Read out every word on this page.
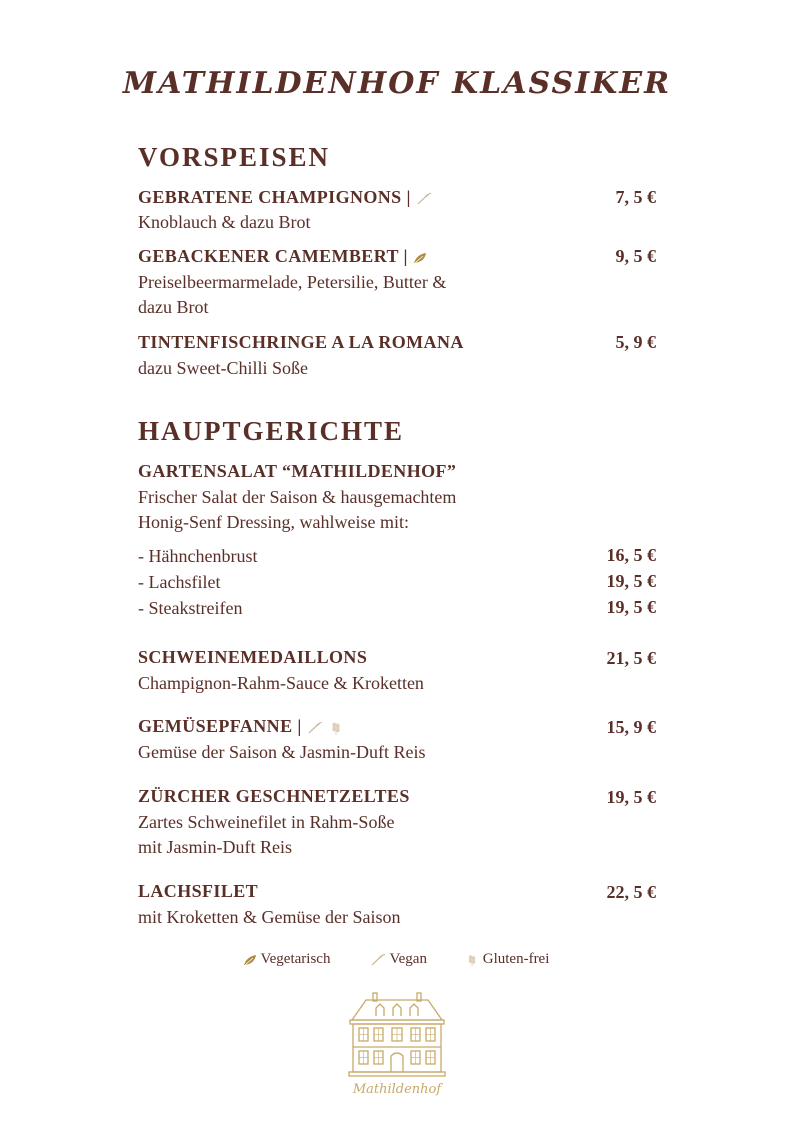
MATHILDENHOF KLASSIKER
VORSPEISEN
GEBRATENE CHAMPIGNONS |	7, 5 €
Knoblauch & dazu Brot
GEBACKENER CAMEMBERT |	9, 5 €
Preiselbeermarmelade, Petersilie, Butter &
dazu Brot
TINTENFISCHRINGE A LA ROMANA	5, 9 €
dazu Sweet-Chilli Soße
HAUPTGERICHTE
GARTENSALAT “MATHILDENHOF”
Frischer Salat der Saison & hausgemachtem
Honig-Senf Dressing, wahlweise mit:
- Hähnchenbrust	16, 5 €
- Lachsfilet	19, 5 €
- Steakstreifen	19, 5 €
SCHWEINEMEDAILLONS	21, 5 €
Champignon-Rahm-Sauce & Kroketten
GEMÜSEPFANNE |	15, 9 €
Gemüse der Saison & Jasmin-Duft Reis
ZÜRCHER GESCHNETZELTES	19, 5 €
Zartes Schweinefilet in Rahm-Soße
mit Jasmin-Duft Reis
LACHSFILET	22, 5 €
mit Kroketten & Gemüse der Saison
Vegetarisch	Vegan	Gluten-frei
Mathildenhof
